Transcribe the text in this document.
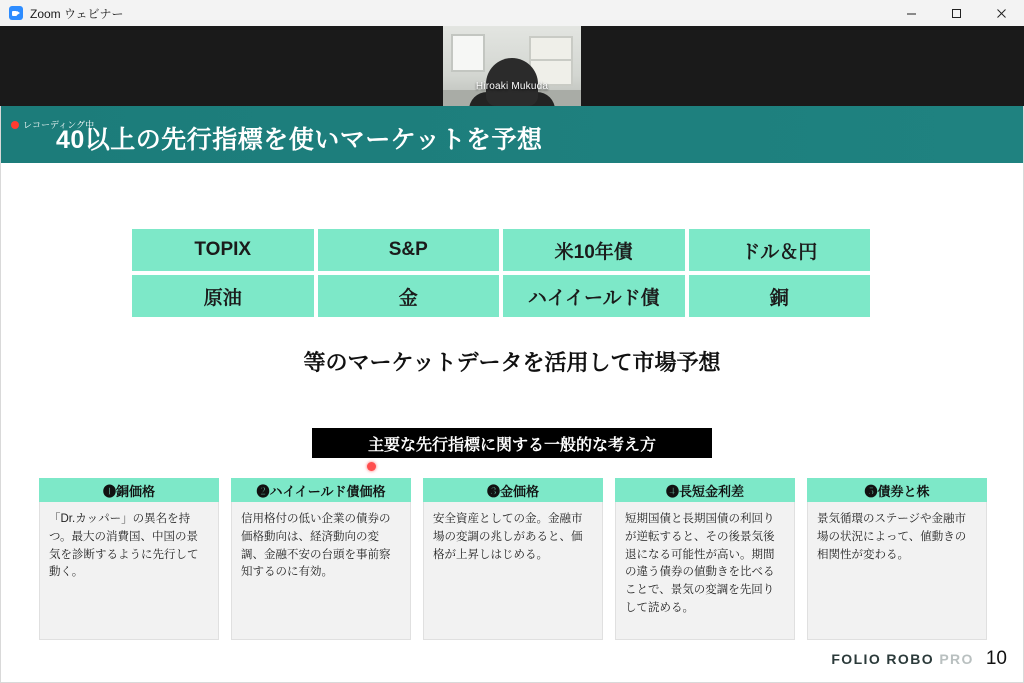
Zoom ウェビナー
Hiroaki Mukuda
レコーディング中
40以上の先行指標を使いマーケットを予想
TOPIX	S&P	米10年債	ドル＆円
原油	金	ハイイールド債	銅
等のマーケットデータを活用して市場予想
主要な先行指標に関する一般的な考え方
❶銅価格
「Dr.カッパー」の異名を持つ。最大の消費国、中国の景気を診断するように先行して動く。
❷ハイイールド債価格
信用格付の低い企業の債券の価格動向は、経済動向の変調、金融不安の台頭を事前察知するのに有効。
❸金価格
安全資産としての金。金融市場の変調の兆しがあると、価格が上昇しはじめる。
❹長短金利差
短期国債と長期国債の利回りが逆転すると、その後景気後退になる可能性が高い。期間の違う債券の値動きを比べることで、景気の変調を先回りして読める。
❺債券と株
景気循環のステージや金融市場の状況によって、値動きの相関性が変わる。
FOLIO ROBO PRO 10
